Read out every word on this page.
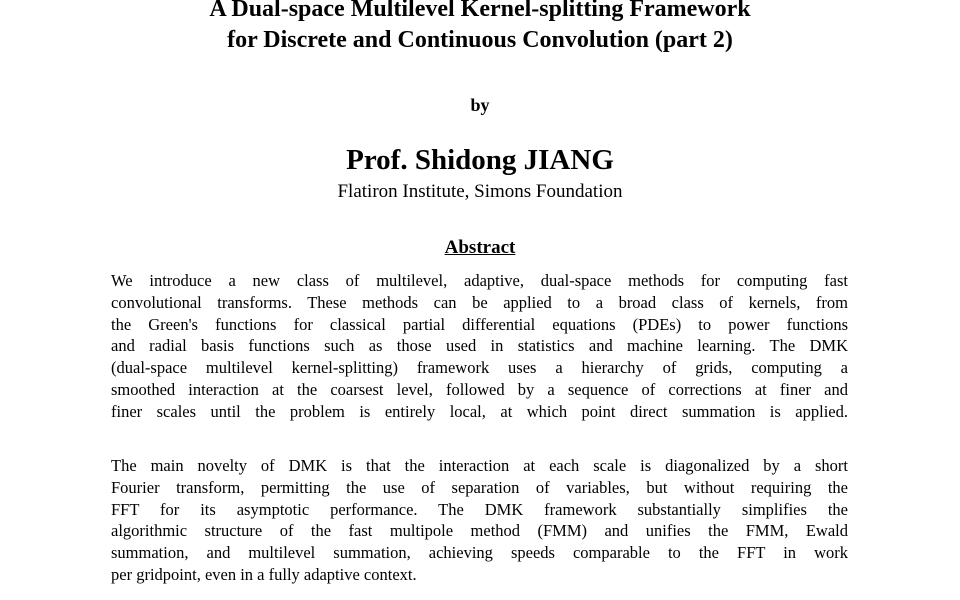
A Dual-space Multilevel Kernel-splitting Framework
for Discrete and Continuous Convolution (part 2)
by
Prof. Shidong JIANG
Flatiron Institute, Simons Foundation
Abstract
We introduce a new class of multilevel, adaptive, dual-space methods for computing fast
convolutional transforms. These methods can be applied to a broad class of kernels, from
the Green's functions for classical partial differential equations (PDEs) to power functions
and radial basis functions such as those used in statistics and machine learning. The DMK
(dual-space multilevel kernel-splitting) framework uses a hierarchy of grids, computing a
smoothed interaction at the coarsest level, followed by a sequence of corrections at finer and
finer scales until the problem is entirely local, at which point direct summation is applied.
The main novelty of DMK is that the interaction at each scale is diagonalized by a short
Fourier transform, permitting the use of separation of variables, but without requiring the
FFT for its asymptotic performance. The DMK framework substantially simplifies the
algorithmic structure of the fast multipole method (FMM) and unifies the FMM, Ewald
summation, and multilevel summation, achieving speeds comparable to the FFT in work
per gridpoint, even in a fully adaptive context.
